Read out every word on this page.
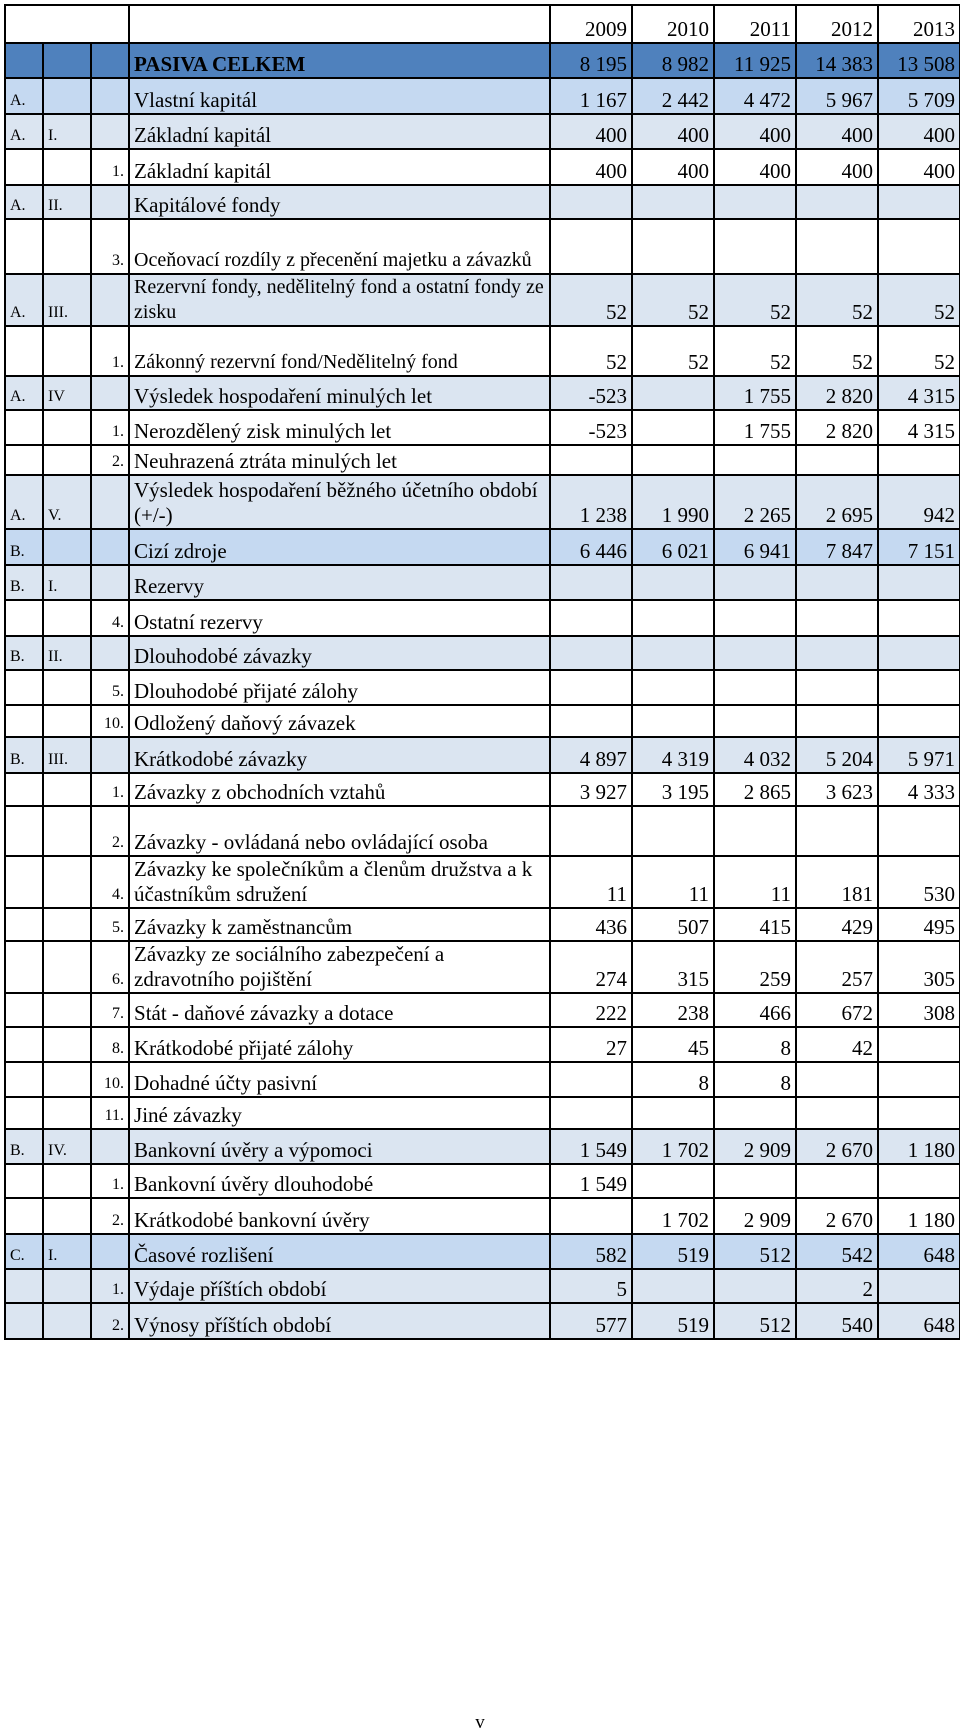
				2009	2010	2011	2012	2013
			PASIVA CELKEM	8 195	8 982	11 925	14 383	13 508
A.			Vlastní kapitál	1 167	2 442	4 472	5 967	5 709
A.	I.		Základní kapitál	400	400	400	400	400
		1.	Základní kapitál	400	400	400	400	400
A.	II.		Kapitálové fondy					
		3.	Oceňovací rozdíly z přecenění majetku a závazků					
A.	III.		Rezervní fondy, nedělitelný fond a ostatní fondy ze zisku	52	52	52	52	52
		1.	Zákonný rezervní fond/Nedělitelný fond	52	52	52	52	52
A.	IV		Výsledek hospodaření minulých let	-523		1 755	2 820	4 315
		1.	Nerozdělený zisk minulých let	-523		1 755	2 820	4 315
		2.	Neuhrazená ztráta minulých let					
A.	V.		Výsledek hospodaření běžného účetního období (+/-)	1 238	1 990	2 265	2 695	942
B.			Cizí zdroje	6 446	6 021	6 941	7 847	7 151
B.	I.		Rezervy					
		4.	Ostatní rezervy					
B.	II.		Dlouhodobé závazky					
		5.	Dlouhodobé přijaté zálohy					
		10.	Odložený daňový závazek					
B.	III.		Krátkodobé závazky	4 897	4 319	4 032	5 204	5 971
		1.	Závazky z obchodních vztahů	3 927	3 195	2 865	3 623	4 333
		2.	Závazky - ovládaná nebo ovládající osoba					
		4.	Závazky ke společníkům a členům družstva a k účastníkům sdružení	11	11	11	181	530
		5.	Závazky k zaměstnancům	436	507	415	429	495
		6.	Závazky ze sociálního zabezpečení a zdravotního pojištění	274	315	259	257	305
		7.	Stát - daňové závazky a dotace	222	238	466	672	308
		8.	Krátkodobé přijaté zálohy	27	45	8	42	
		10.	Dohadné účty pasivní		8	8		
		11.	Jiné závazky					
B.	IV.		Bankovní úvěry a výpomoci	1 549	1 702	2 909	2 670	1 180
		1.	Bankovní úvěry dlouhodobé	1 549				
		2.	Krátkodobé bankovní úvěry		1 702	2 909	2 670	1 180
C.	I.		Časové rozlišení	582	519	512	542	648
		1.	Výdaje příštích období	5			2	
		2.	Výnosy příštích období	577	519	512	540	648
v
